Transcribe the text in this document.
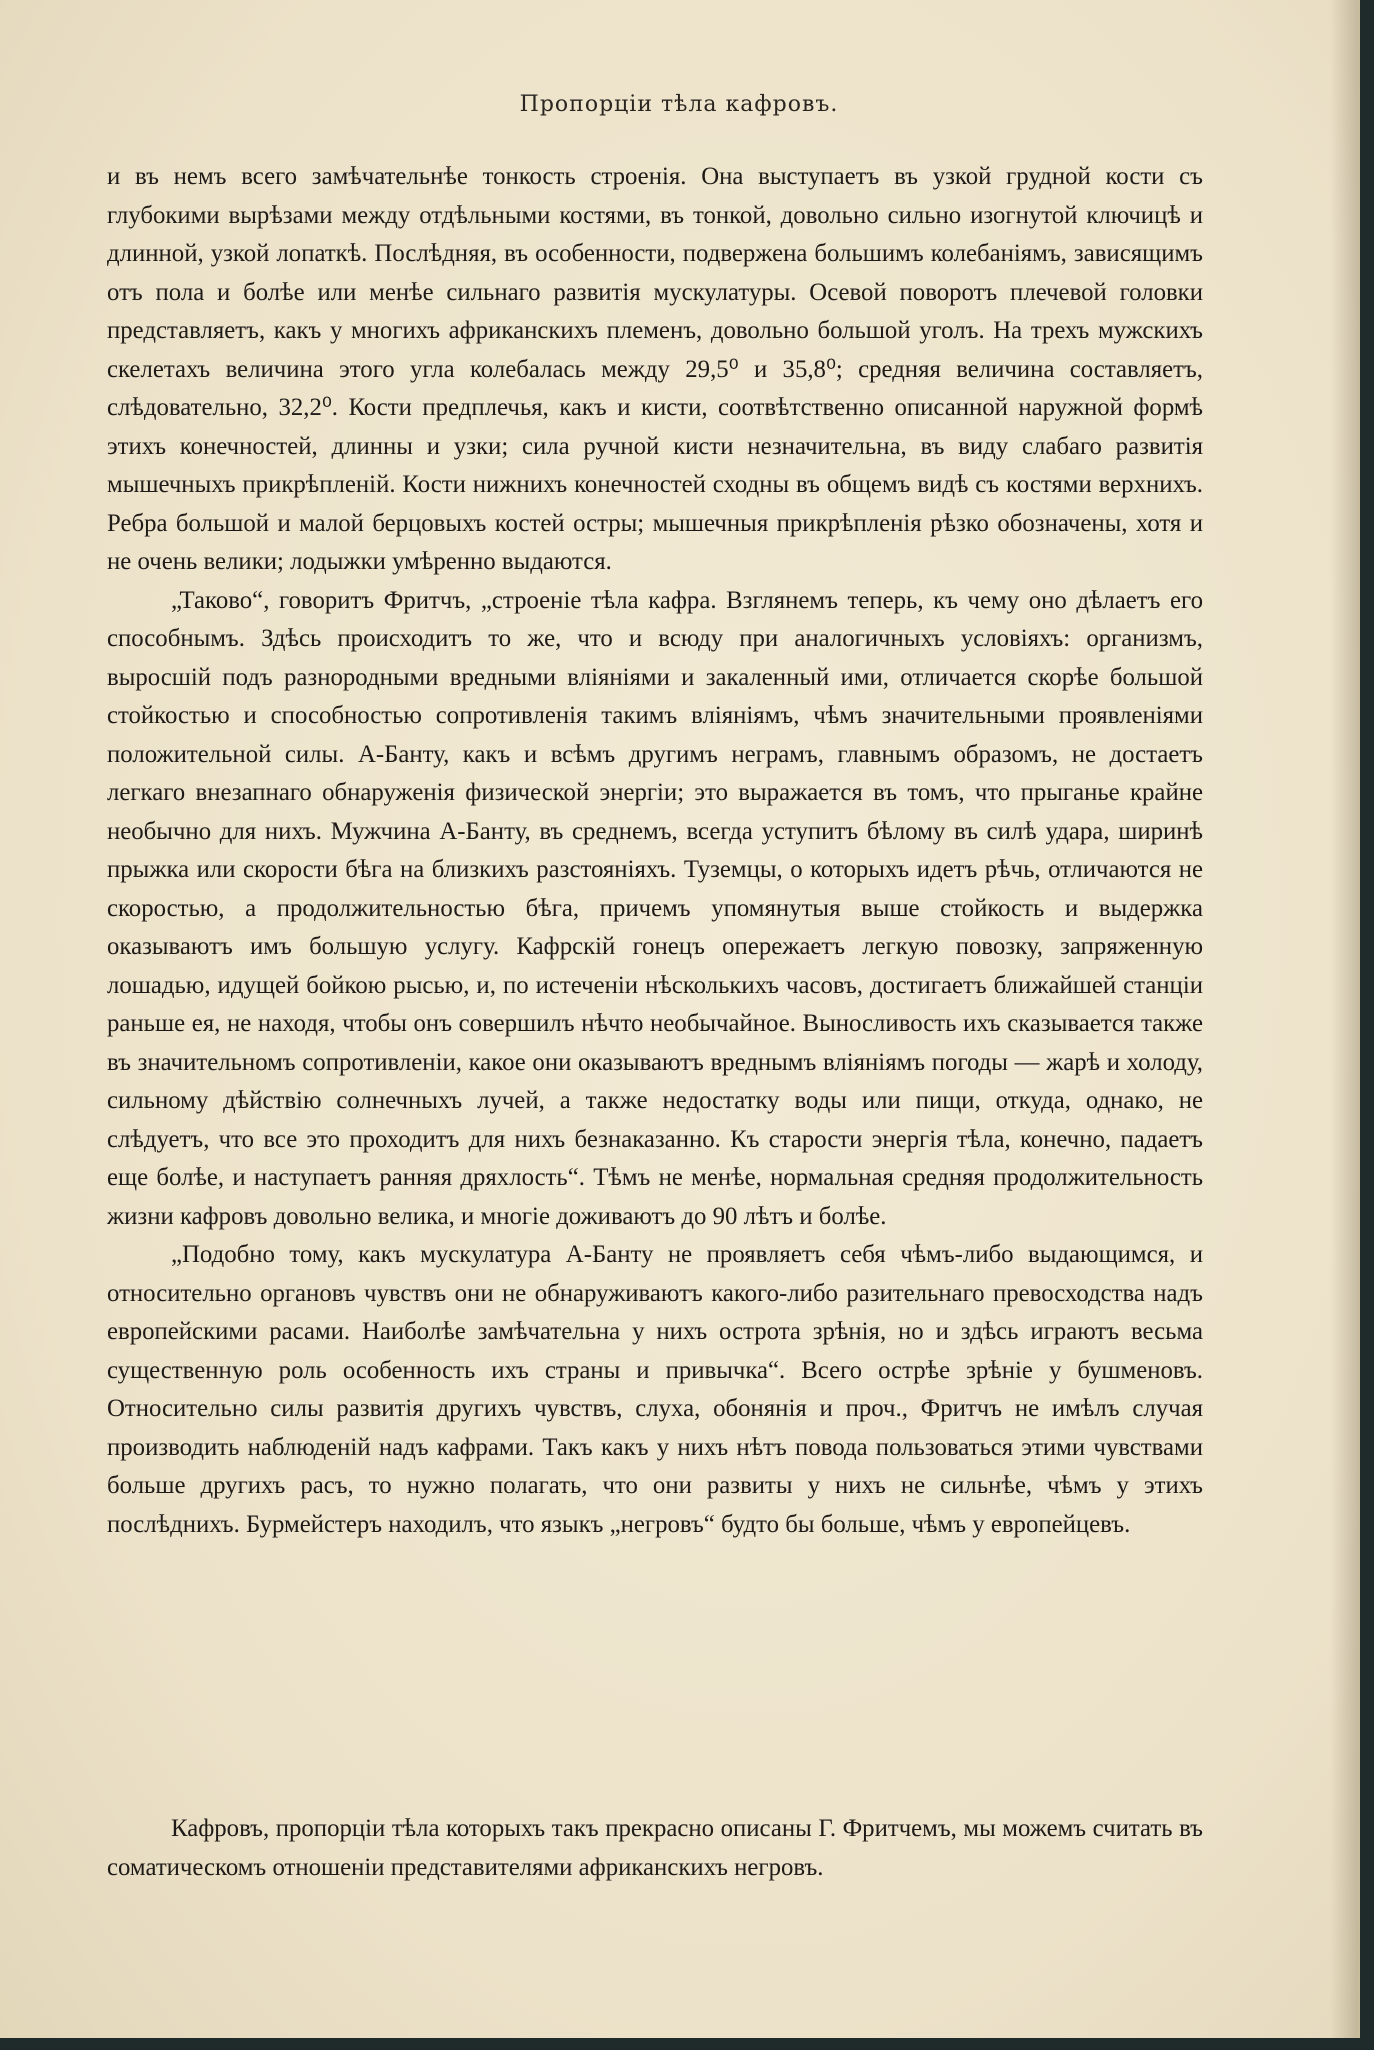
Пропорціи тѣла кафровъ.

и въ немъ всего замѣчательнѣе тонкость строенія. Она выступаетъ въ узкой грудной кости съ глубокими вырѣзами между отдѣльными костями, въ тонкой, довольно сильно изогнутой ключицѣ и длинной, узкой лопаткѣ. Послѣдняя, въ особенности, подвержена большимъ колебаніямъ, зависящимъ отъ пола и болѣе или менѣе сильнаго развитія мускулатуры. Осевой поворотъ плечевой головки представляетъ, какъ у многихъ африканскихъ племенъ, довольно большой уголъ. На трехъ мужскихъ скелетахъ величина этого угла колебалась между 29,5⁰ и 35,8⁰; средняя величина составляетъ, слѣдовательно, 32,2⁰. Кости предплечья, какъ и кисти, соотвѣтственно описанной наружной формѣ этихъ конечностей, длинны и узки; сила ручной кисти незначительна, въ виду слабаго развитія мышечныхъ прикрѣпленій. Кости нижнихъ конечностей сходны въ общемъ видѣ съ костями верхнихъ. Ребра большой и малой берцовыхъ костей остры; мышечныя прикрѣпленія рѣзко обозначены, хотя и не очень велики; лодыжки умѣренно выдаются.

„Таково“, говоритъ Фритчъ, „строеніе тѣла кафра. Взглянемъ теперь, къ чему оно дѣлаетъ его способнымъ. Здѣсь происходитъ то же, что и всюду при аналогичныхъ условіяхъ: организмъ, выросшій подъ разнородными вредными вліяніями и закаленный ими, отличается скорѣе большой стойкостью и способностью сопротивленія такимъ вліяніямъ, чѣмъ значительными проявленіями положительной силы. А-Банту, какъ и всѣмъ другимъ неграмъ, главнымъ образомъ, не достаетъ легкаго внезапнаго обнаруженія физической энергіи; это выражается въ томъ, что прыганье крайне необычно для нихъ. Мужчина А-Банту, въ среднемъ, всегда уступитъ бѣлому въ силѣ удара, ширинѣ прыжка или скорости бѣга на близкихъ разстояніяхъ. Туземцы, о которыхъ идетъ рѣчь, отличаются не скоростью, а продолжительностью бѣга, причемъ упомянутыя выше стойкость и выдержка оказываютъ имъ большую услугу. Кафрскій гонецъ опережаетъ легкую повозку, запряженную лошадью, идущей бойкою рысью, и, по истеченіи нѣсколькихъ часовъ, достигаетъ ближайшей станціи раньше ея, не находя, чтобы онъ совершилъ нѣчто необычайное. Выносливость ихъ сказывается также въ значительномъ сопротивленіи, какое они оказываютъ вреднымъ вліяніямъ погоды — жарѣ и холоду, сильному дѣйствію солнечныхъ лучей, а также недостатку воды или пищи, откуда, однако, не слѣдуетъ, что все это проходитъ для нихъ безнаказанно. Къ старости энергія тѣла, конечно, падаетъ еще болѣе, и наступаетъ ранняя дряхлость“. Тѣмъ не менѣе, нормальная средняя продолжительность жизни кафровъ довольно велика, и многіе доживаютъ до 90 лѣтъ и болѣе.

„Подобно тому, какъ мускулатура А-Банту не проявляетъ себя чѣмъ-либо выдающимся, и относительно органовъ чувствъ они не обнаруживаютъ какого-либо разительнаго превосходства надъ европейскими расами. Наиболѣе замѣчательна у нихъ острота зрѣнія, но и здѣсь играютъ весьма существенную роль особенность ихъ страны и привычка“. Всего острѣе зрѣніе у бушменовъ. Относительно силы развитія другихъ чувствъ, слуха, обонянія и проч., Фритчъ не имѣлъ случая производить наблюденій надъ кафрами. Такъ какъ у нихъ нѣтъ повода пользоваться этими чувствами больше другихъ расъ, то нужно полагать, что они развиты у нихъ не сильнѣе, чѣмъ у этихъ послѣднихъ. Бурмейстеръ находилъ, что языкъ „негровъ“ будто бы больше, чѣмъ у европейцевъ.

Кафровъ, пропорціи тѣла которыхъ такъ прекрасно описаны Г. Фритчемъ, мы можемъ считать въ соматическомъ отношеніи представителями африканскихъ негровъ.
